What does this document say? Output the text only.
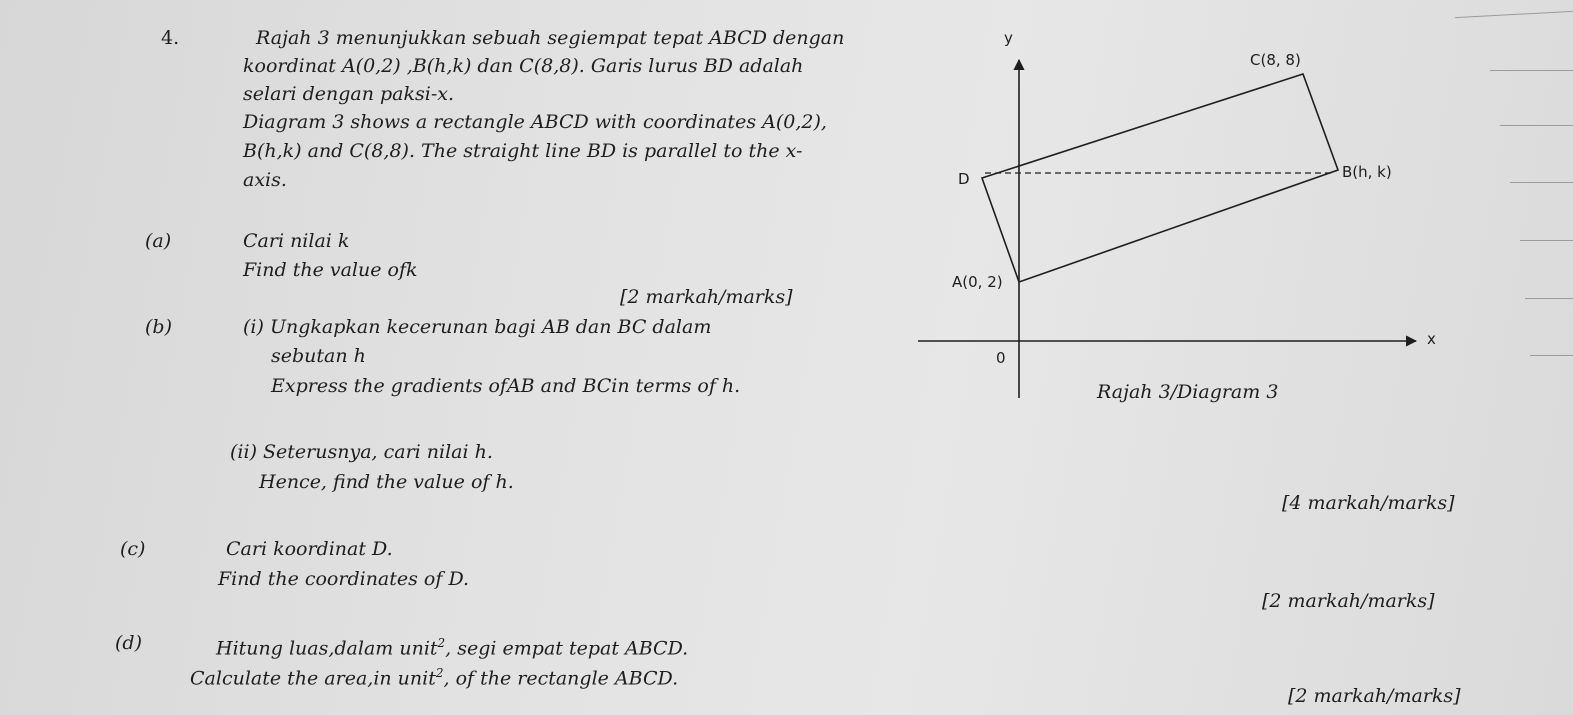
4.	Rajah 3 menunjukkan sebuah segiempat tepat ABCD dengan
koordinat A(0,2) ,B(h,k) dan C(8,8). Garis lurus BD adalah
selari dengan paksi-x.
Diagram 3 shows a rectangle ABCD with coordinates A(0,2),
B(h,k) and C(8,8). The straight line BD is parallel to the x-
axis.
(a)	Cari nilai k
Find the value ofk
[2 markah/marks]
(b)	(i) Ungkapkan kecerunan bagi AB dan BC dalam
sebutan h
Express the gradients ofAB and BCin terms of h.
(ii) Seterusnya, cari nilai h.
Hence, find the value of h.
[4 markah/marks]
(c)	Cari koordinat D.
Find the coordinates of D.
[2 markah/marks]
(d)	Hitung luas,dalam unit$^2$, segi empat tepat ABCD.
Calculate the area,in unit$^2$, of the rectangle ABCD.
[2 markah/marks]
y
x
0
C(8, 8)
B(h, k)
D
A(0, 2)
Rajah 3/Diagram 3
